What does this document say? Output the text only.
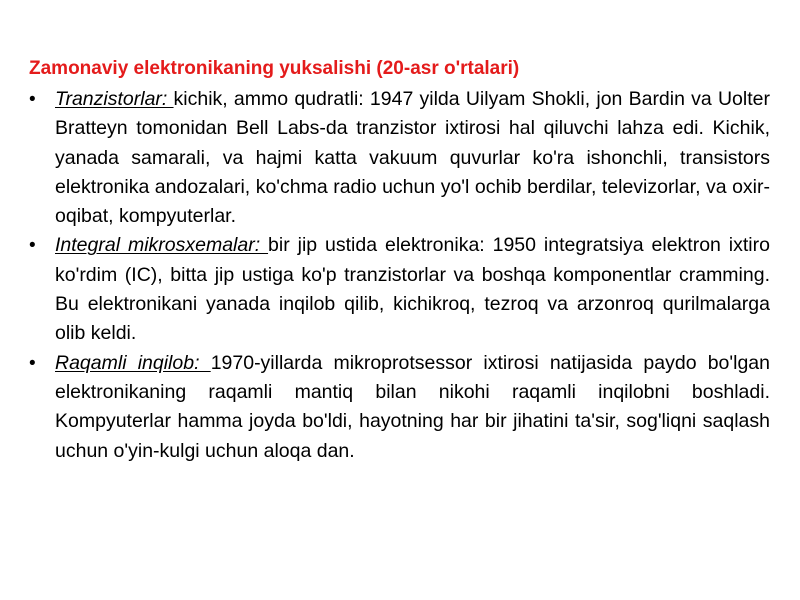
Zamonaviy elektronikaning yuksalishi (20-asr o'rtalari)
• Tranzistorlar: kichik, ammo qudratli: 1947 yilda Uilyam Shokli, jon Bardin va Uolter Bratteyn tomonidan Bell Labs-da tranzistor ixtirosi hal qiluvchi lahza edi. Kichik, yanada samarali, va hajmi katta vakuum quvurlar ko'ra ishonchli, transistors elektronika andozalari, ko'chma radio uchun yo'l ochib berdilar, televizorlar, va oxir-oqibat, kompyuterlar.
• Integral mikrosxemalar: bir jip ustida elektronika: 1950 integratsiya elektron ixtiro ko'rdim (IC), bitta jip ustiga ko'p tranzistorlar va boshqa komponentlar cramming. Bu elektronikani yanada inqilob qilib, kichikroq, tezroq va arzonroq qurilmalarga olib keldi.
• Raqamli inqilob: 1970-yillarda mikroprotsessor ixtirosi natijasida paydo bo'lgan elektronikaning raqamli mantiq bilan nikohi raqamli inqilobni boshladi. Kompyuterlar hamma joyda bo'ldi, hayotning har bir jihatini ta'sir, sog'liqni saqlash uchun o'yin-kulgi uchun aloqa dan.
